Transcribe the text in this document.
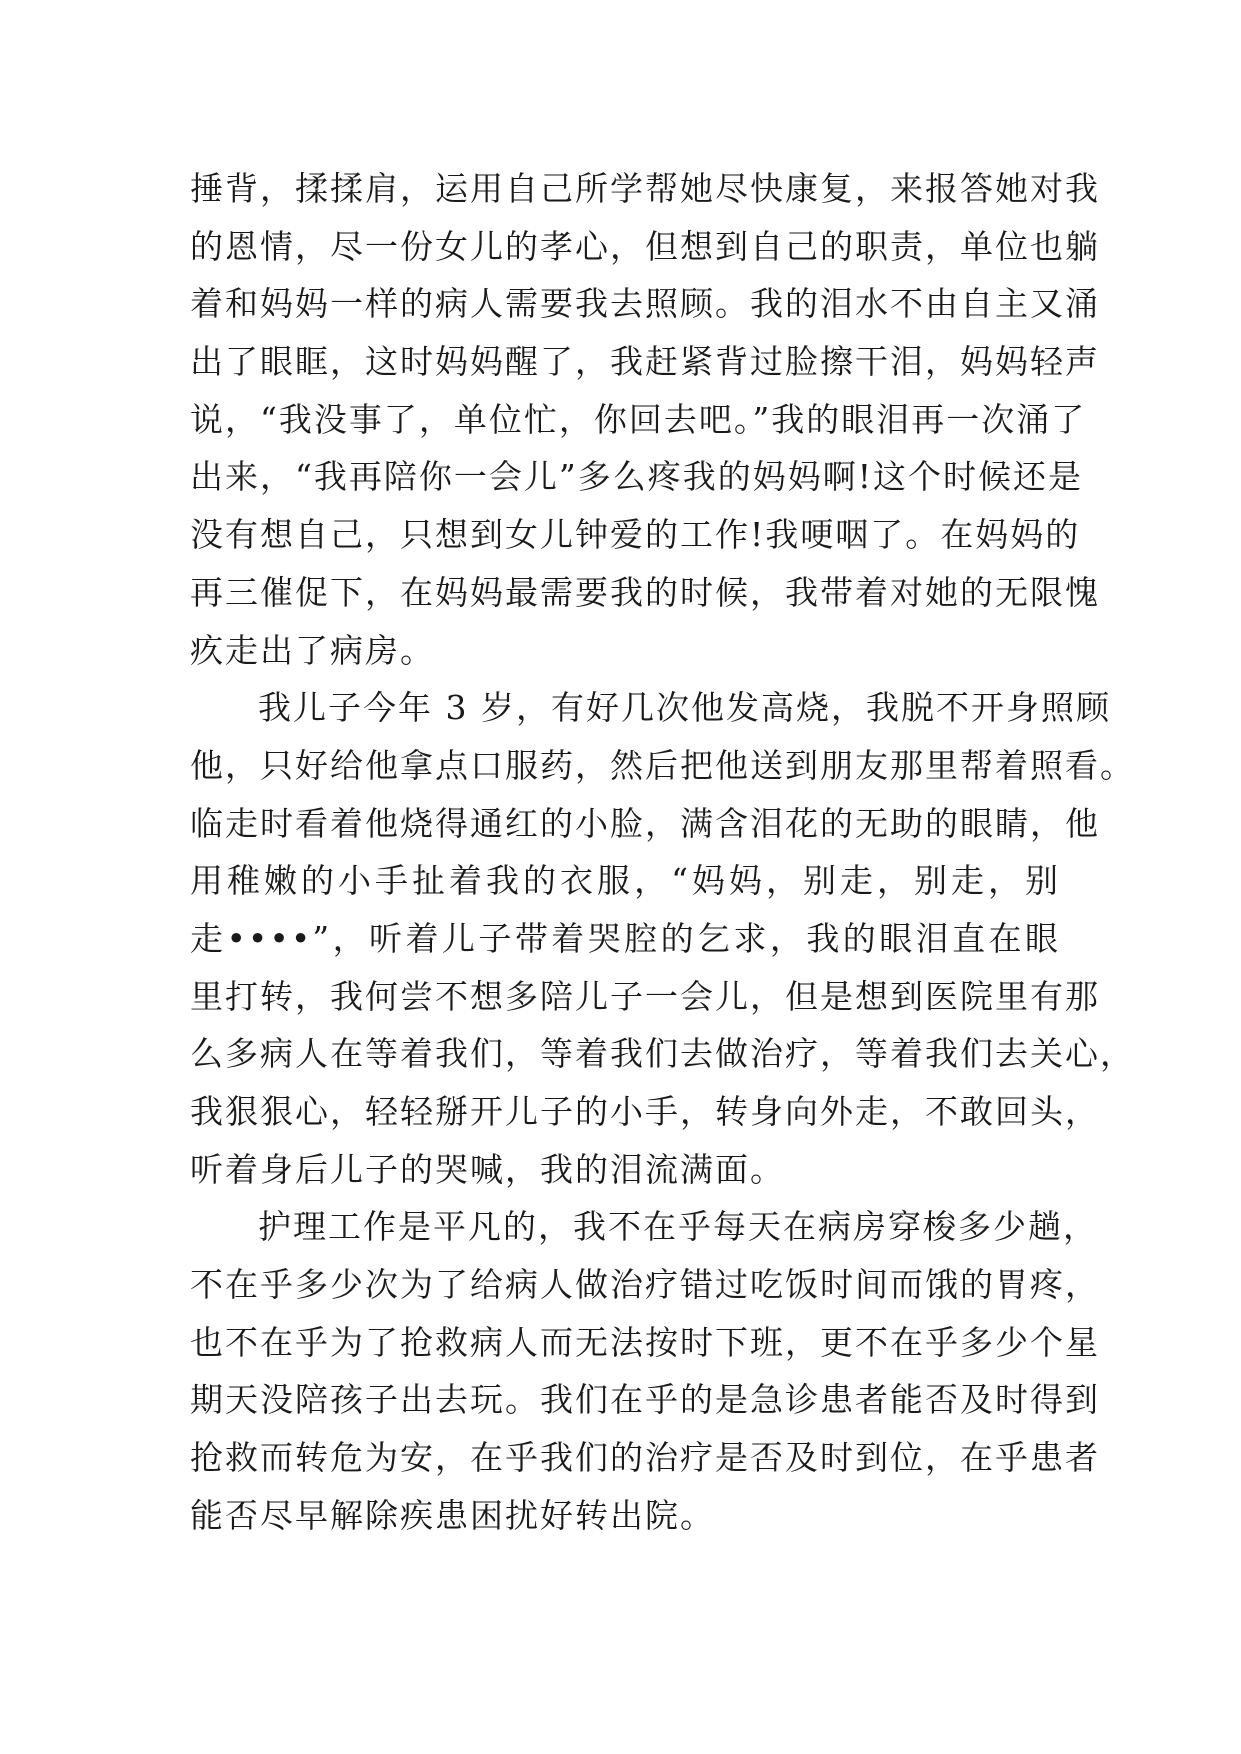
捶背，揉揉肩，运用自己所学帮她尽快康复，来报答她对我
的恩情，尽一份女儿的孝心，但想到自己的职责，单位也躺
着和妈妈一样的病人需要我去照顾。我的泪水不由自主又涌
出了眼眶，这时妈妈醒了，我赶紧背过脸擦干泪，妈妈轻声
说，“我没事了，单位忙，你回去吧。”我的眼泪再一次涌了
出来，“我再陪你一会儿”多么疼我的妈妈啊!这个时候还是
没有想自己，只想到女儿钟爱的工作!我哽咽了。在妈妈的
再三催促下，在妈妈最需要我的时候，我带着对她的无限愧
疚走出了病房。
我儿子今年 3 岁，有好几次他发高烧，我脱不开身照顾
他，只好给他拿点口服药，然后把他送到朋友那里帮着照看。
临走时看着他烧得通红的小脸，满含泪花的无助的眼睛，他
用稚嫩的小手扯着我的衣服，“妈妈，别走，别走，别
走••••”，听着儿子带着哭腔的乞求，我的眼泪直在眼
里打转，我何尝不想多陪儿子一会儿，但是想到医院里有那
么多病人在等着我们，等着我们去做治疗，等着我们去关心，
我狠狠心，轻轻掰开儿子的小手，转身向外走，不敢回头，
听着身后儿子的哭喊，我的泪流满面。
护理工作是平凡的，我不在乎每天在病房穿梭多少趟，
不在乎多少次为了给病人做治疗错过吃饭时间而饿的胃疼，
也不在乎为了抢救病人而无法按时下班，更不在乎多少个星
期天没陪孩子出去玩。我们在乎的是急诊患者能否及时得到
抢救而转危为安，在乎我们的治疗是否及时到位，在乎患者
能否尽早解除疾患困扰好转出院。
